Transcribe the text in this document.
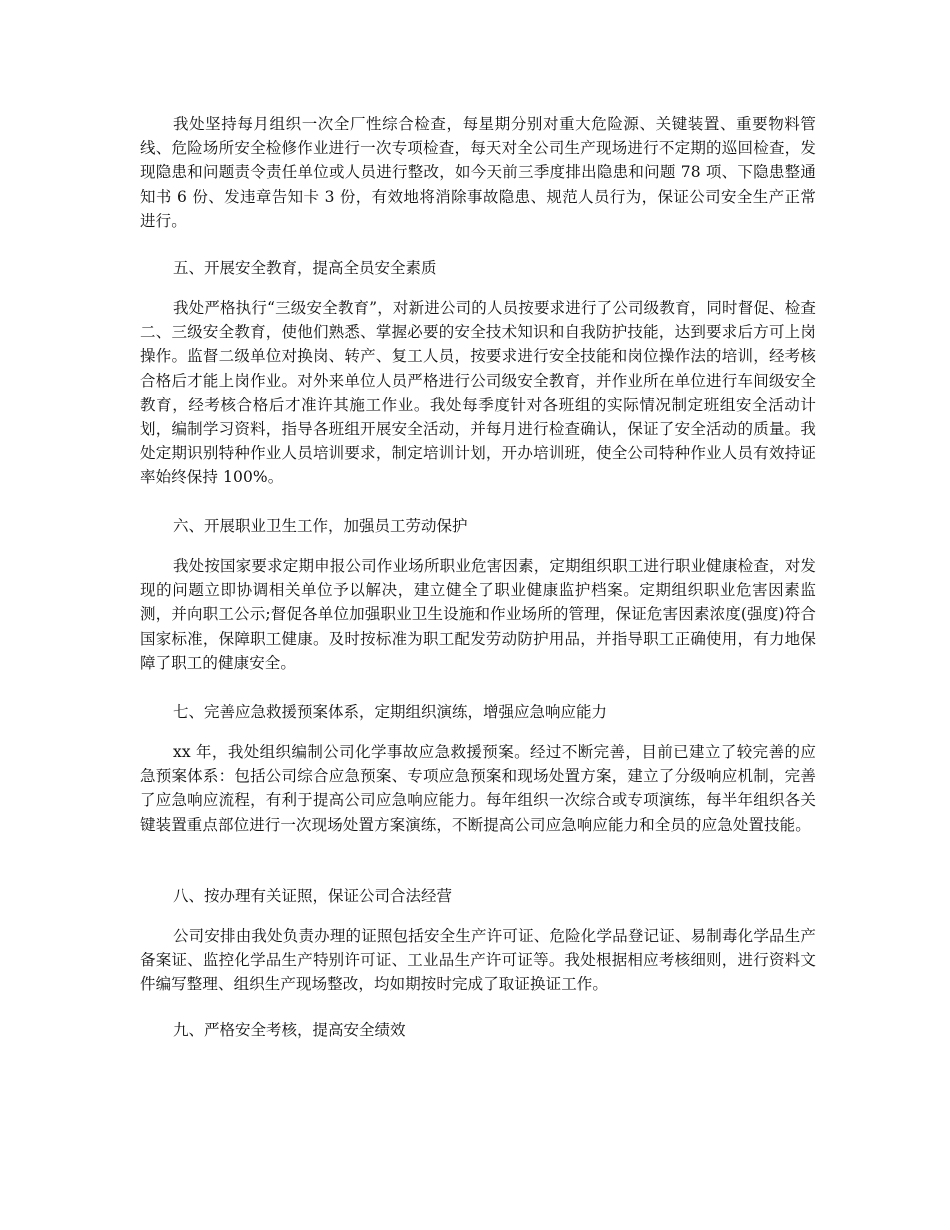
我处坚持每月组织一次全厂性综合检查，每星期分别对重大危险源、关键装置、重要物料管线、危险场所安全检修作业进行一次专项检查，每天对全公司生产现场进行不定期的巡回检查，发现隐患和问题责令责任单位或人员进行整改，如今天前三季度排出隐患和问题 78 项、下隐患整通知书 6 份、发违章告知卡 3 份，有效地将消除事故隐患、规范人员行为，保证公司安全生产正常进行。

五、开展安全教育，提高全员安全素质

我处严格执行“三级安全教育”，对新进公司的人员按要求进行了公司级教育，同时督促、检查二、三级安全教育，使他们熟悉、掌握必要的安全技术知识和自我防护技能，达到要求后方可上岗操作。监督二级单位对换岗、转产、复工人员，按要求进行安全技能和岗位操作法的培训，经考核合格后才能上岗作业。对外来单位人员严格进行公司级安全教育，并作业所在单位进行车间级安全教育，经考核合格后才准许其施工作业。我处每季度针对各班组的实际情况制定班组安全活动计划，编制学习资料，指导各班组开展安全活动，并每月进行检查确认，保证了安全活动的质量。我处定期识别特种作业人员培训要求，制定培训计划，开办培训班，使全公司特种作业人员有效持证率始终保持 100%。

六、开展职业卫生工作，加强员工劳动保护

我处按国家要求定期申报公司作业场所职业危害因素，定期组织职工进行职业健康检查，对发现的问题立即协调相关单位予以解决，建立健全了职业健康监护档案。定期组织职业危害因素监测，并向职工公示;督促各单位加强职业卫生设施和作业场所的管理，保证危害因素浓度(强度)符合国家标准，保障职工健康。及时按标准为职工配发劳动防护用品，并指导职工正确使用，有力地保障了职工的健康安全。

七、完善应急救援预案体系，定期组织演练，增强应急响应能力

xx 年，我处组织编制公司化学事故应急救援预案。经过不断完善，目前已建立了较完善的应急预案体系：包括公司综合应急预案、专项应急预案和现场处置方案，建立了分级响应机制，完善了应急响应流程，有利于提高公司应急响应能力。每年组织一次综合或专项演练，每半年组织各关键装置重点部位进行一次现场处置方案演练，不断提高公司应急响应能力和全员的应急处置技能。

八、按办理有关证照，保证公司合法经营

公司安排由我处负责办理的证照包括安全生产许可证、危险化学品登记证、易制毒化学品生产备案证、监控化学品生产特别许可证、工业品生产许可证等。我处根据相应考核细则，进行资料文件编写整理、组织生产现场整改，均如期按时完成了取证换证工作。

九、严格安全考核，提高安全绩效
